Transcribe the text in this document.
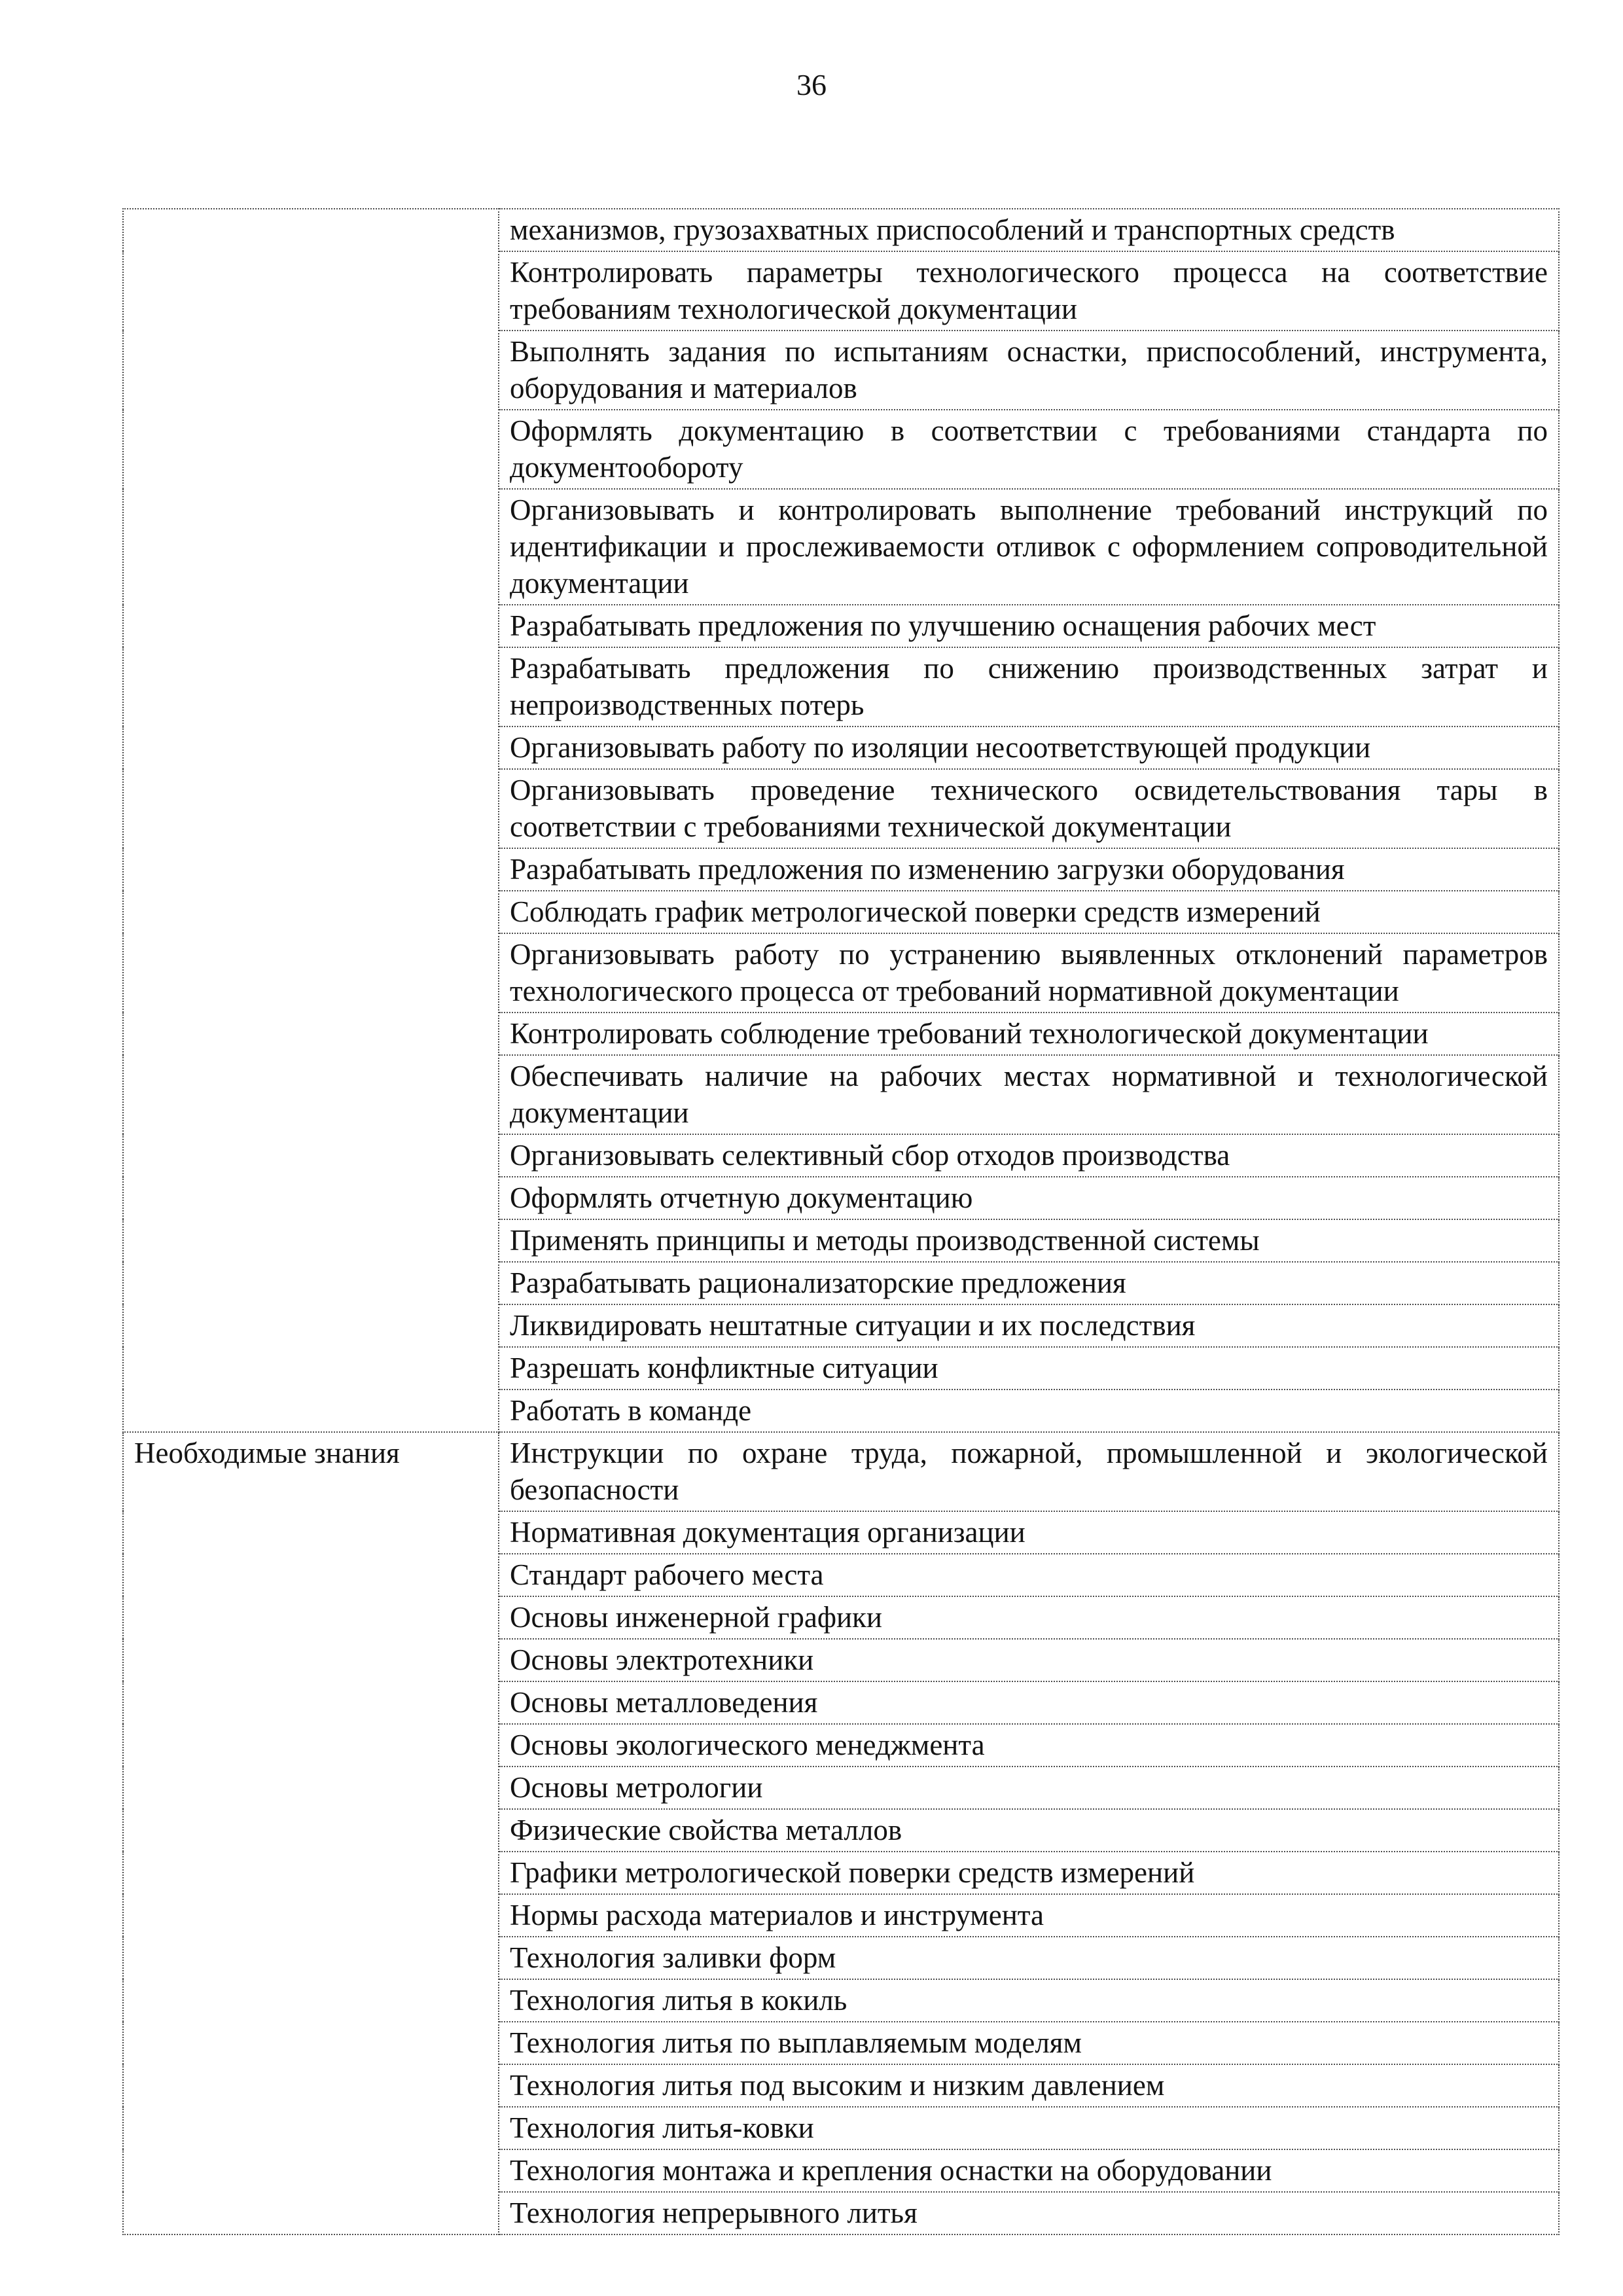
36
	механизмов, грузозахватных приспособлений и транспортных средств
	Контролировать параметры технологического процесса на соответствие требованиям технологической документации
	Выполнять задания по испытаниям оснастки, приспособлений, инструмента, оборудования и материалов
	Оформлять документацию в соответствии с требованиями стандарта по документообороту
	Организовывать и контролировать выполнение требований инструкций по идентификации и прослеживаемости отливок с оформлением сопроводительной документации
	Разрабатывать предложения по улучшению оснащения рабочих мест
	Разрабатывать предложения по снижению производственных затрат и непроизводственных потерь
	Организовывать работу по изоляции несоответствующей продукции
	Организовывать проведение технического освидетельствования тары в соответствии с требованиями технической документации
	Разрабатывать предложения по изменению загрузки оборудования
	Соблюдать график метрологической поверки средств измерений
	Организовывать работу по устранению выявленных отклонений параметров технологического процесса от требований нормативной документации
	Контролировать соблюдение требований технологической документации
	Обеспечивать наличие на рабочих местах нормативной и технологической документации
	Организовывать селективный сбор отходов производства
	Оформлять отчетную документацию
	Применять принципы и методы производственной системы
	Разрабатывать рационализаторские предложения
	Ликвидировать нештатные ситуации и их последствия
	Разрешать конфликтные ситуации
	Работать в команде
Необходимые знания	Инструкции по охране труда, пожарной, промышленной и экологической безопасности
	Нормативная документация организации
	Стандарт рабочего места
	Основы инженерной графики
	Основы электротехники
	Основы металловедения
	Основы экологического менеджмента
	Основы метрологии
	Физические свойства металлов
	Графики метрологической поверки средств измерений
	Нормы расхода материалов и инструмента
	Технология заливки форм
	Технология литья в кокиль
	Технология литья по выплавляемым моделям
	Технология литья под высоким и низким давлением
	Технология литья-ковки
	Технология монтажа и крепления оснастки на оборудовании
	Технология непрерывного литья
